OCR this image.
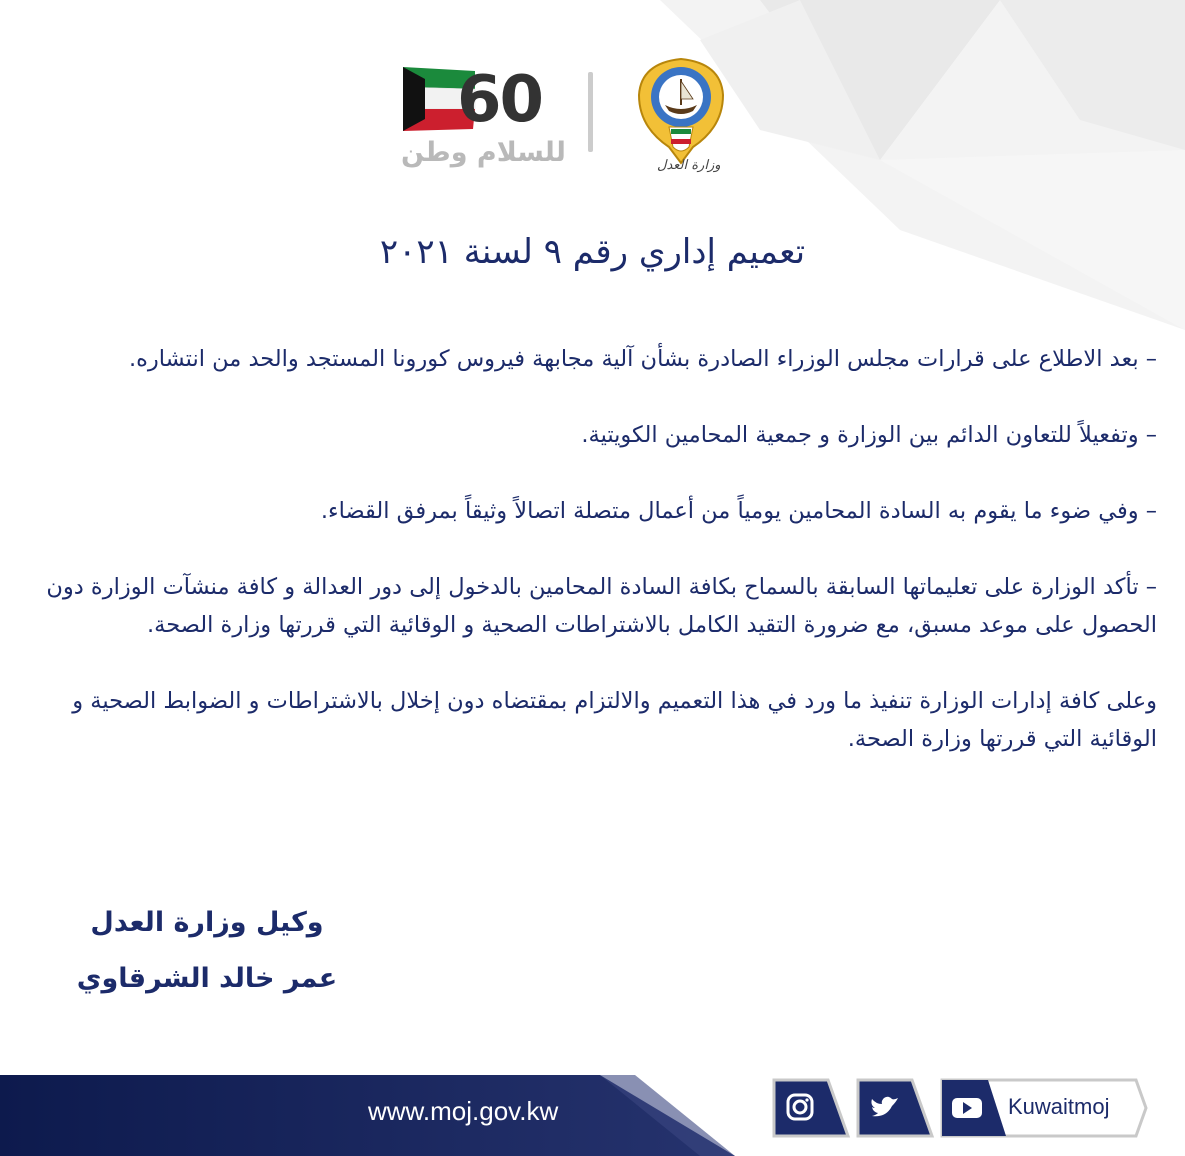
60
للسلام وطن	وزارة العدل
تعميم إداري رقم ٩ لسنة ٢٠٢١

– بعد الاطلاع على قرارات مجلس الوزراء الصادرة بشأن آلية مجابهة فيروس كورونا المستجد والحد من انتشاره.

– وتفعيلاً للتعاون الدائم بين الوزارة و جمعية المحامين الكويتية.

– وفي ضوء ما يقوم به السادة المحامين يومياً من أعمال متصلة اتصالاً وثيقاً بمرفق القضاء.

– تأكد الوزارة على تعليماتها السابقة بالسماح بكافة السادة المحامين بالدخول إلى دور العدالة و كافة منشآت الوزارة دون الحصول على موعد مسبق، مع ضرورة التقيد الكامل بالاشتراطات الصحية و الوقائية التي قررتها وزارة الصحة.

وعلى كافة إدارات الوزارة تنفيذ ما ورد في هذا التعميم والالتزام بمقتضاه دون إخلال بالاشتراطات و الضوابط الصحية و الوقائية التي قررتها وزارة الصحة.

وكيل وزارة العدل
عمر خالد الشرقاوي
www.moj.gov.kw	Kuwaitmoj
